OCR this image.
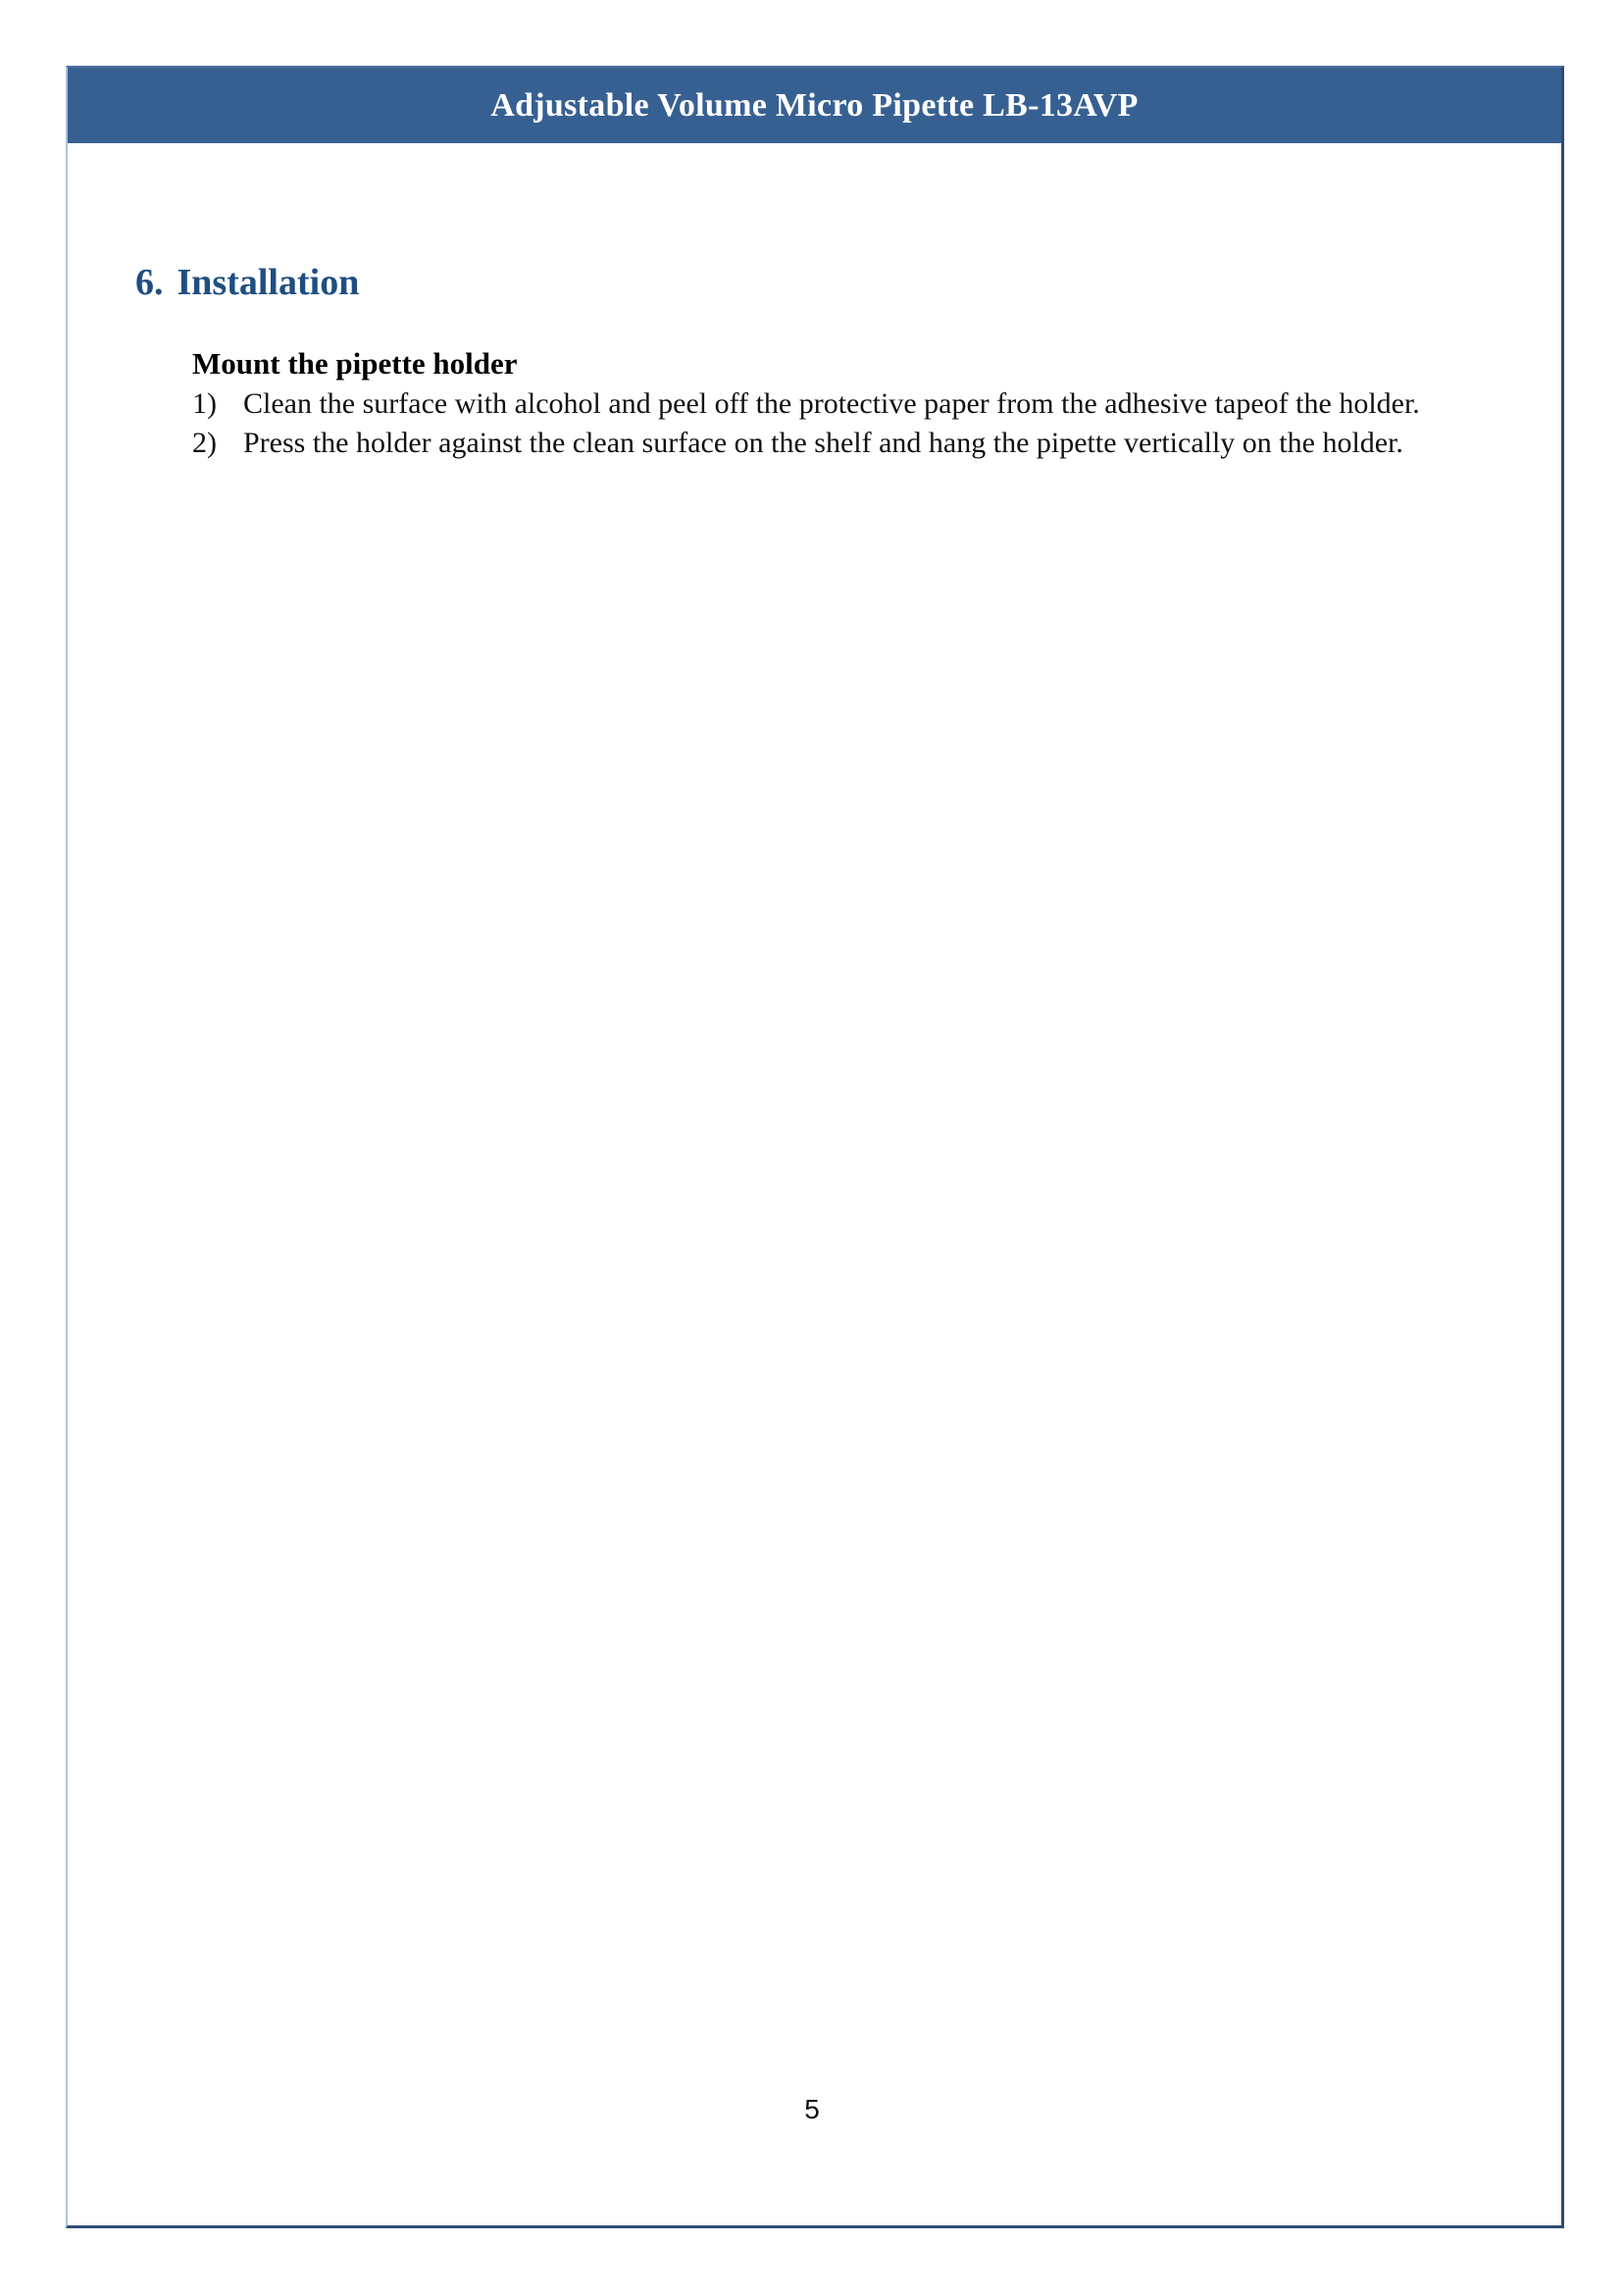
Adjustable Volume Micro Pipette LB-13AVP
6. Installation
Mount the pipette holder
1) Clean the surface with alcohol and peel off the protective paper from the adhesive tapeof the holder.
2) Press the holder against the clean surface on the shelf and hang the pipette vertically on the holder.
5
